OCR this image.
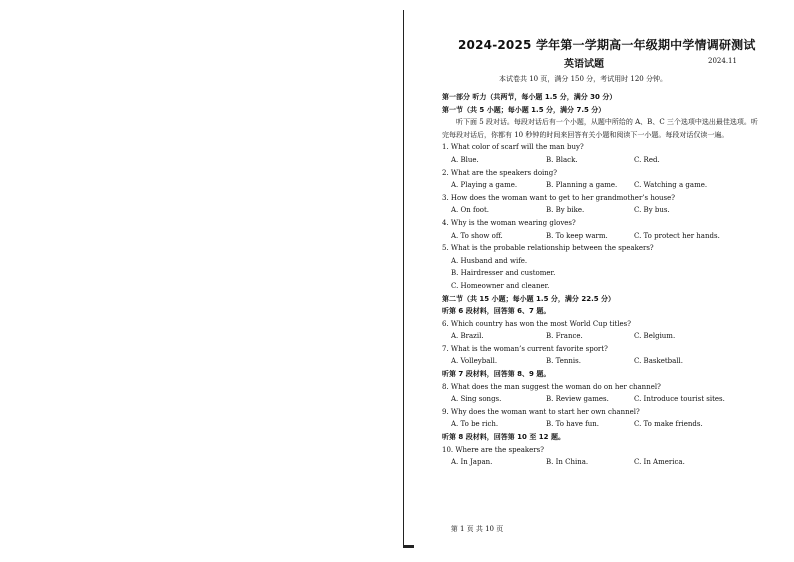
2024-2025 学年第一学期高一年级期中学情调研测试
英语试题	2024.11
本试卷共 10 页，满分 150 分，考试用时 120 分钟。
第一部分 听力（共两节，每小题 1.5 分，满分 30 分）
第一节（共 5 小题；每小题 1.5 分，满分 7.5 分）
听下面 5 段对话。每段对话后有一个小题，从题中所给的 A、B、C 三个选项中选出最佳选项。听完每段对话后，你都有 10 秒钟的时间来回答有关小题和阅读下一小题。每段对话仅读一遍。
1. What color of scarf will the man buy?
A. Blue.	B. Black.	C. Red.
2. What are the speakers doing?
A. Playing a game.	B. Planning a game. C. Watching a game.
3. How does the woman want to get to her grandmother’s house?
A. On foot.	B. By bike.	C. By bus.
4. Why is the woman wearing gloves?
A. To show off.	B. To keep warm.	C. To protect her hands.
5. What is the probable relationship between the speakers?
A. Husband and wife.
B. Hairdresser and customer.
C. Homeowner and cleaner.
第二节（共 15 小题；每小题 1.5 分，满分 22.5 分）
听第 6 段材料，回答第 6、7 题。
6. Which country has won the most World Cup titles?
A. Brazil.	B. France.	C. Belgium.
7. What is the woman’s current favorite sport?
A. Volleyball.	B. Tennis.	C. Basketball.
听第 7 段材料，回答第 8、9 题。
8. What does the man suggest the woman do on her channel?
A. Sing songs.	B. Review games.	C. Introduce tourist sites.
9. Why does the woman want to start her own channel?
A. To be rich.	B. To have fun.	C. To make friends.
听第 8 段材料，回答第 10 至 12 题。
10. Where are the speakers?
A. In Japan.	B. In China.	C. In America.
第 1 页 共 10 页
